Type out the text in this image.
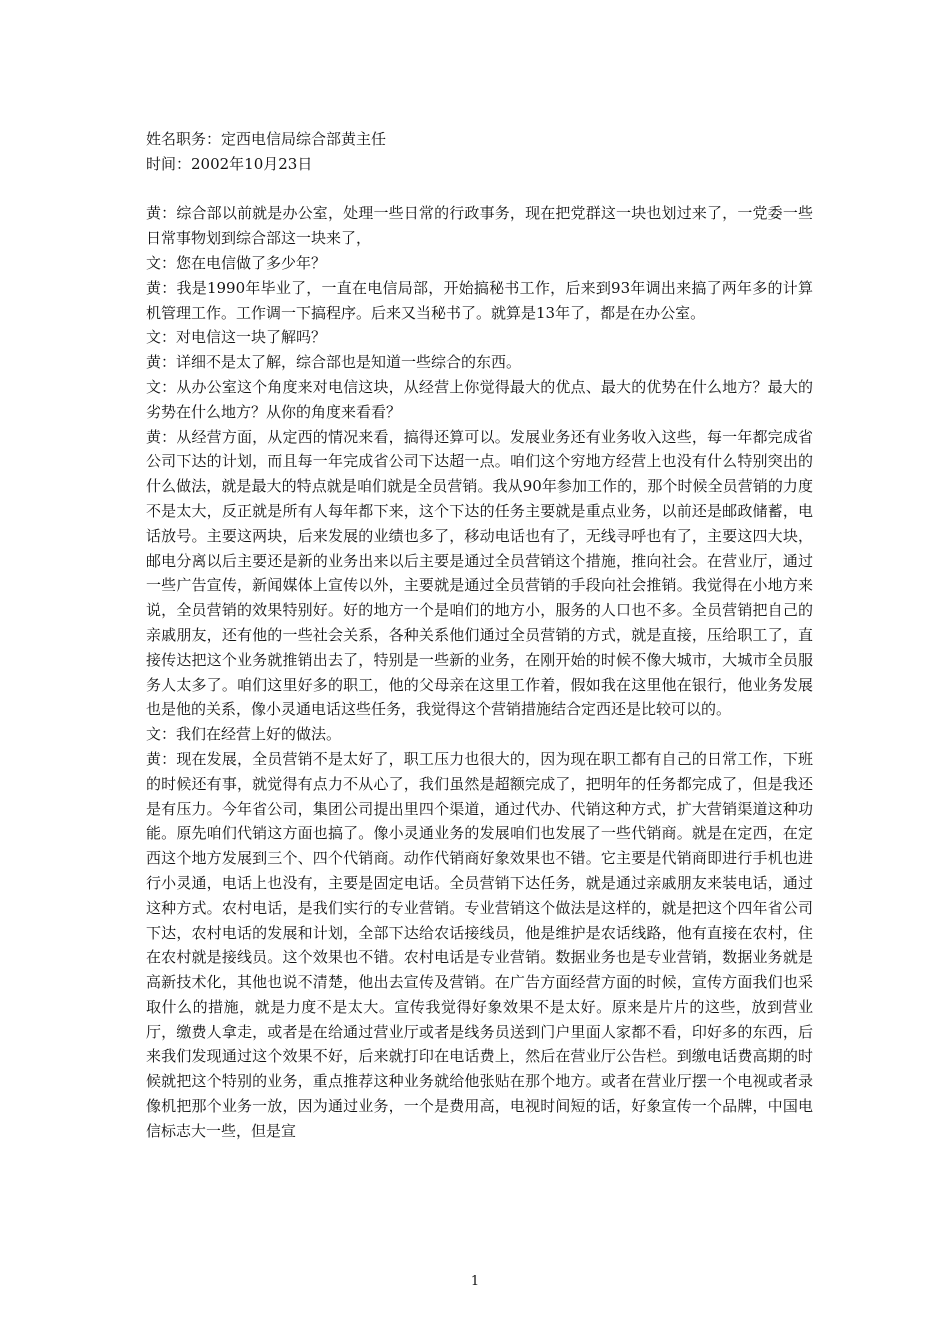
姓名职务：定西电信局综合部黄主任

时间：2002年10月23日

黄：综合部以前就是办公室，处理一些日常的行政事务，现在把党群这一块也划过来了，一党委一些日常事物划到综合部这一块来了，

文：您在电信做了多少年？

黄：我是1990年毕业了，一直在电信局部，开始搞秘书工作，后来到93年调出来搞了两年多的计算机管理工作。工作调一下搞程序。后来又当秘书了。就算是13年了，都是在办公室。

文：对电信这一块了解吗？

黄：详细不是太了解，综合部也是知道一些综合的东西。

文：从办公室这个角度来对电信这块，从经营上你觉得最大的优点、最大的优势在什么地方？最大的劣势在什么地方？从你的角度来看看？

黄：从经营方面，从定西的情况来看，搞得还算可以。发展业务还有业务收入这些，每一年都完成省公司下达的计划，而且每一年完成省公司下达超一点。咱们这个穷地方经营上也没有什么特别突出的什么做法，就是最大的特点就是咱们就是全员营销。我从90年参加工作的，那个时候全员营销的力度不是太大，反正就是所有人每年都下来，这个下达的任务主要就是重点业务，以前还是邮政储蓄，电话放号。主要这两块，后来发展的业绩也多了，移动电话也有了，无线寻呼也有了，主要这四大块，邮电分离以后主要还是新的业务出来以后主要是通过全员营销这个措施，推向社会。在营业厅，通过一些广告宣传，新闻媒体上宣传以外，主要就是通过全员营销的手段向社会推销。我觉得在小地方来说，全员营销的效果特别好。好的地方一个是咱们的地方小，服务的人口也不多。全员营销把自己的亲戚朋友，还有他的一些社会关系，各种关系他们通过全员营销的方式，就是直接，压给职工了，直接传达把这个业务就推销出去了，特别是一些新的业务，在刚开始的时候不像大城市，大城市全员服务人太多了。咱们这里好多的职工，他的父母亲在这里工作着，假如我在这里他在银行，他业务发展也是他的关系，像小灵通电话这些任务，我觉得这个营销措施结合定西还是比较可以的。

文：我们在经营上好的做法。

黄：现在发展，全员营销不是太好了，职工压力也很大的，因为现在职工都有自己的日常工作，下班的时候还有事，就觉得有点力不从心了，我们虽然是超额完成了，把明年的任务都完成了，但是我还是有压力。今年省公司，集团公司提出里四个渠道，通过代办、代销这种方式，扩大营销渠道这种功能。原先咱们代销这方面也搞了。像小灵通业务的发展咱们也发展了一些代销商。就是在定西，在定西这个地方发展到三个、四个代销商。动作代销商好象效果也不错。它主要是代销商即进行手机也进行小灵通，电话上也没有，主要是固定电话。全员营销下达任务，就是通过亲戚朋友来装电话，通过这种方式。农村电话，是我们实行的专业营销。专业营销这个做法是这样的，就是把这个四年省公司下达，农村电话的发展和计划，全部下达给农话接线员，他是维护是农话线路，他有直接在农村，住在农村就是接线员。这个效果也不错。农村电话是专业营销。数据业务也是专业营销，数据业务就是高新技术化，其他也说不清楚，他出去宣传及营销。在广告方面经营方面的时候，宣传方面我们也采取什么的措施，就是力度不是太大。宣传我觉得好象效果不是太好。原来是片片的这些，放到营业厅，缴费人拿走，或者是在给通过营业厅或者是线务员送到门户里面人家都不看，印好多的东西，后来我们发现通过这个效果不好，后来就打印在电话费上，然后在营业厅公告栏。到缴电话费高期的时候就把这个特别的业务，重点推荐这种业务就给他张贴在那个地方。或者在营业厅摆一个电视或者录像机把那个业务一放，因为通过业务，一个是费用高，电视时间短的话，好象宣传一个品牌，中国电信标志大一些，但是宣

1
